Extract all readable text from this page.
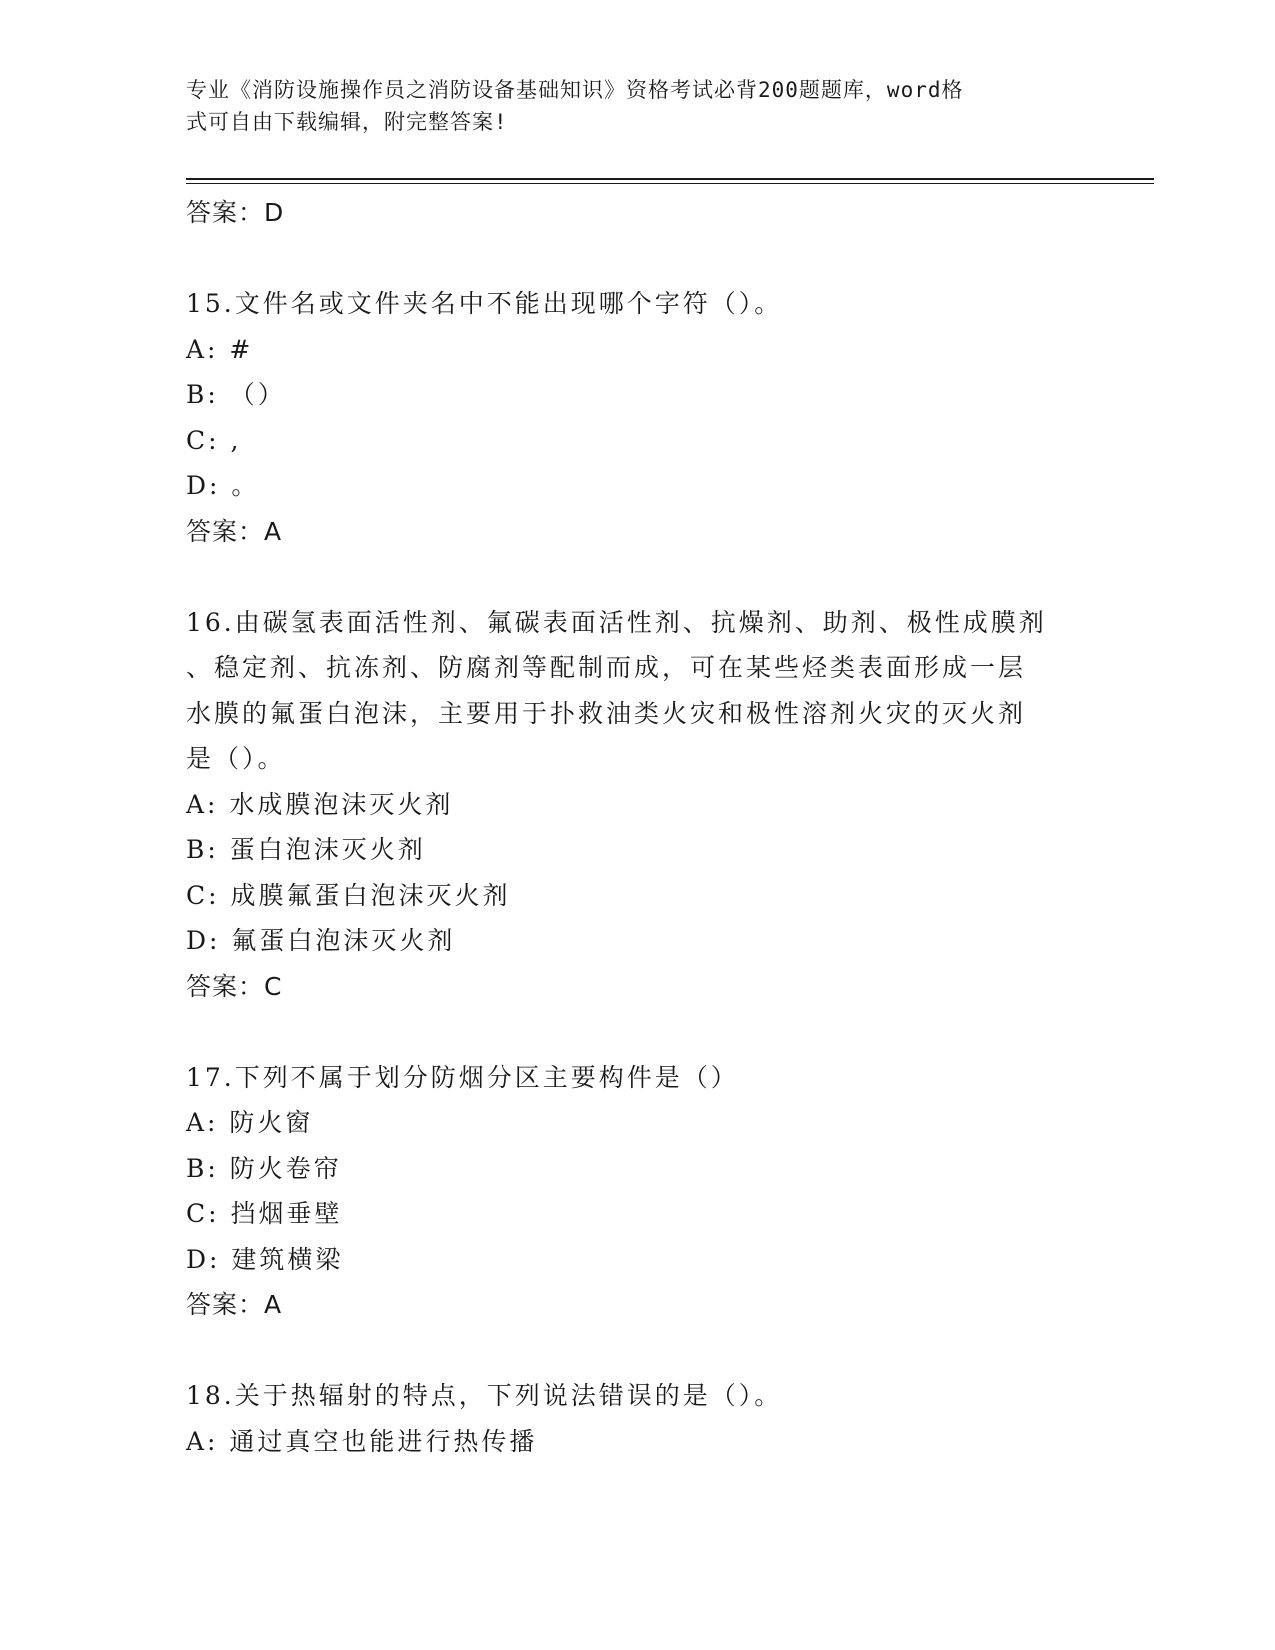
专业《消防设施操作员之消防设备基础知识》资格考试必背200题题库，word格
式可自由下载编辑，附完整答案!
答案：D
15.文件名或文件夹名中不能出现哪个字符（）。
A: #
B: （）
C: ,
D: 。
答案：A
16.由碳氢表面活性剂、氟碳表面活性剂、抗燥剂、助剂、极性成膜剂
、稳定剂、抗冻剂、防腐剂等配制而成，可在某些烃类表面形成一层
水膜的氟蛋白泡沫，主要用于扑救油类火灾和极性溶剂火灾的灭火剂
是（）。
A: 水成膜泡沫灭火剂
B: 蛋白泡沫灭火剂
C: 成膜氟蛋白泡沫灭火剂
D: 氟蛋白泡沫灭火剂
答案：C
17.下列不属于划分防烟分区主要构件是（）
A: 防火窗
B: 防火卷帘
C: 挡烟垂壁
D: 建筑横梁
答案：A
18.关于热辐射的特点，下列说法错误的是（）。
A: 通过真空也能进行热传播
